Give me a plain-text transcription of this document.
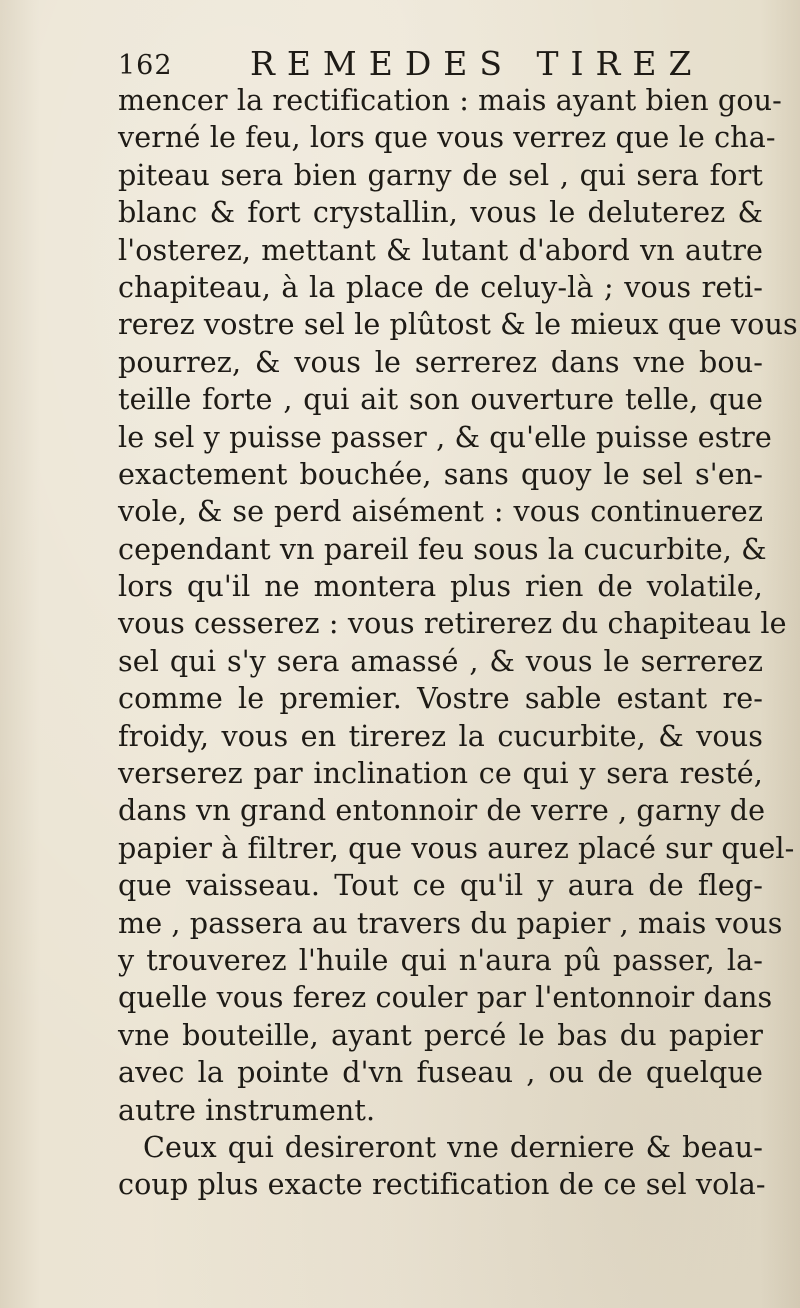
162 REMEDES TIREZ
mencer la rectification : mais ayant bien gou-
verné le feu, lors que vous verrez que le cha-
piteau sera bien garny de sel , qui sera fort
blanc & fort crystallin, vous le deluterez &
l'osterez, mettant & lutant d'abord vn autre
chapiteau, à la place de celuy-là ; vous reti-
rerez vostre sel le plûtost & le mieux que vous
pourrez, & vous le serrerez dans vne bou-
teille forte , qui ait son ouverture telle, que
le sel y puisse passer , & qu'elle puisse estre
exactement bouchée, sans quoy le sel s'en-
vole, & se perd aisément : vous continuerez
cependant vn pareil feu sous la cucurbite, &
lors qu'il ne montera plus rien de volatile,
vous cesserez : vous retirerez du chapiteau le
sel qui s'y sera amassé , & vous le serrerez
comme le premier. Vostre sable estant re-
froidy, vous en tirerez la cucurbite, & vous
verserez par inclination ce qui y sera resté,
dans vn grand entonnoir de verre , garny de
papier à filtrer, que vous aurez placé sur quel-
que vaisseau. Tout ce qu'il y aura de fleg-
me , passera au travers du papier , mais vous
y trouverez l'huile qui n'aura pû passer, la-
quelle vous ferez couler par l'entonnoir dans
vne bouteille, ayant percé le bas du papier
avec la pointe d'vn fuseau , ou de quelque
autre instrument.
Ceux qui desireront vne derniere & beau-
coup plus exacte rectification de ce sel vola-
